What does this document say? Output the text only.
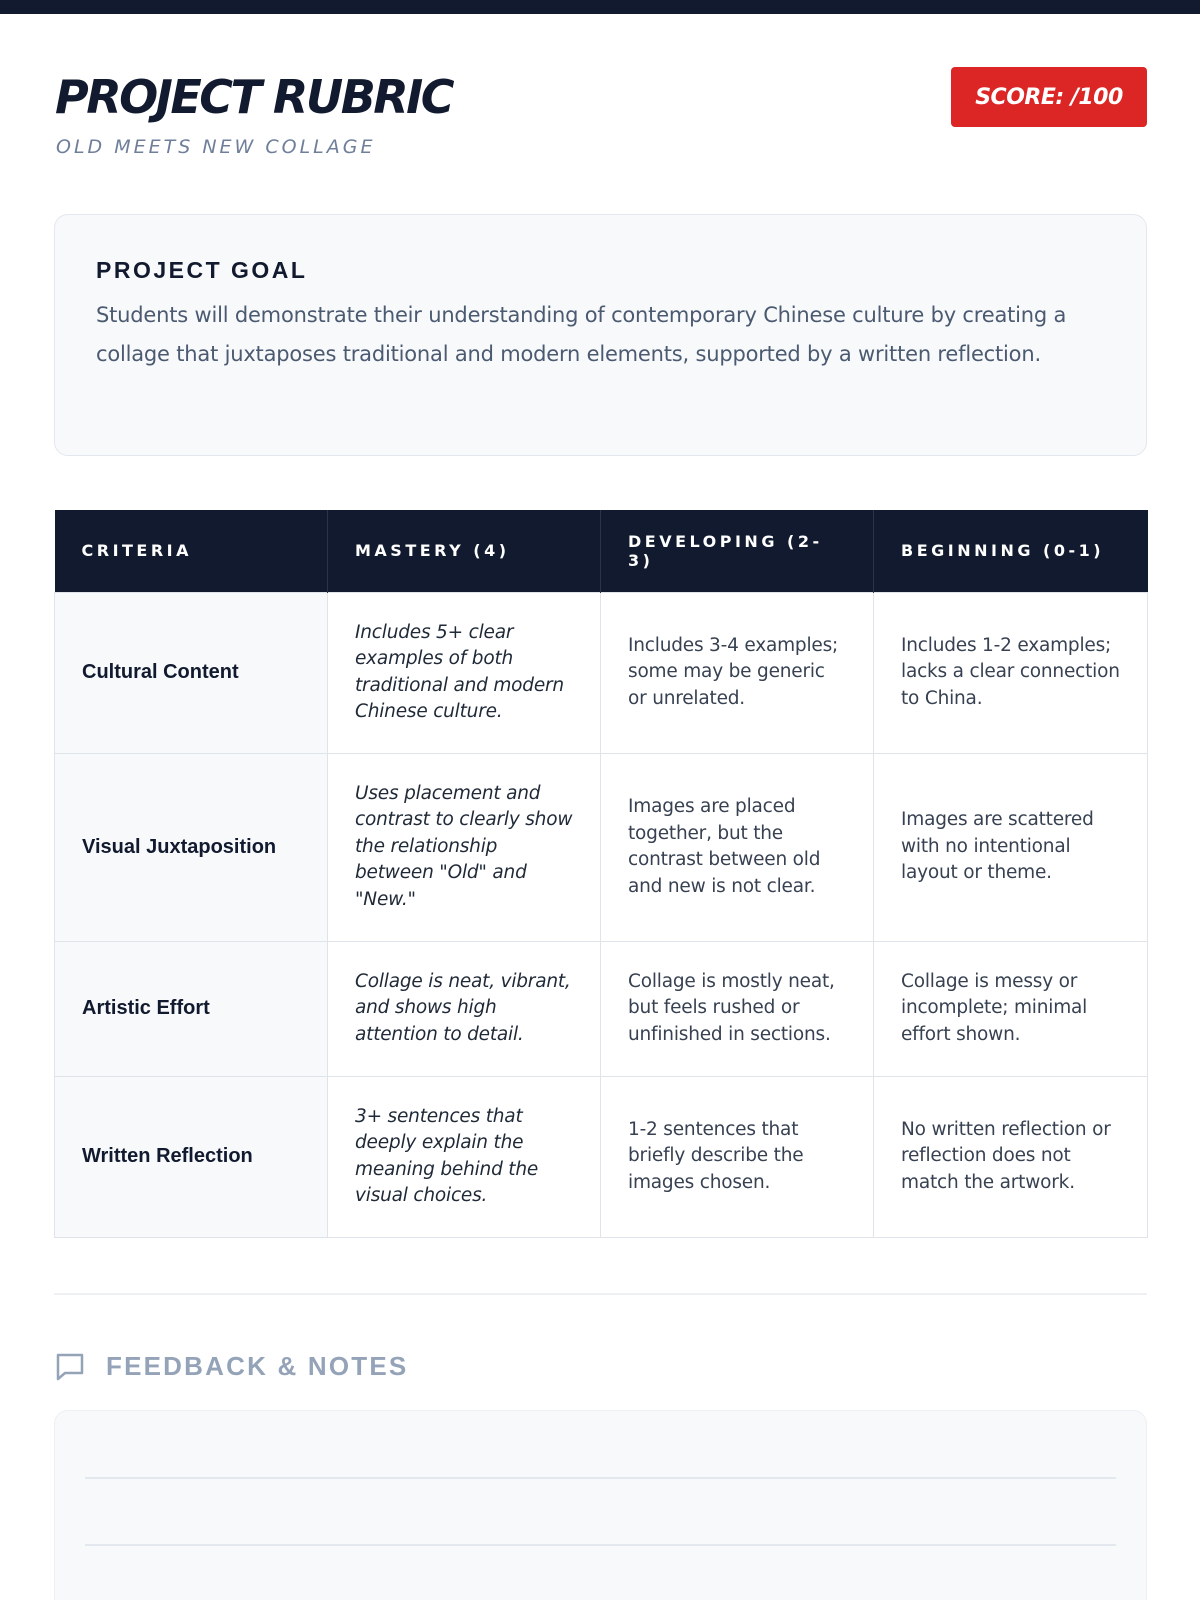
PROJECT RUBRIC
OLD MEETS NEW COLLAGE
SCORE: /100
PROJECT GOAL
Students will demonstrate their understanding of contemporary Chinese culture by creating a collage that juxtaposes traditional and modern elements, supported by a written reflection.
CRITERIA	MASTERY (4)	DEVELOPING (2-3)	BEGINNING (0-1)
Cultural Content	Includes 5+ clear examples of both traditional and modern Chinese culture.	Includes 3-4 examples; some may be generic or unrelated.	Includes 1-2 examples; lacks a clear connection to China.
Visual Juxtaposition	Uses placement and contrast to clearly show the relationship between "Old" and "New."	Images are placed together, but the contrast between old and new is not clear.	Images are scattered with no intentional layout or theme.
Artistic Effort	Collage is neat, vibrant, and shows high attention to detail.	Collage is mostly neat, but feels rushed or unfinished in sections.	Collage is messy or incomplete; minimal effort shown.
Written Reflection	3+ sentences that deeply explain the meaning behind the visual choices.	1-2 sentences that briefly describe the images chosen.	No written reflection or reflection does not match the artwork.
FEEDBACK & NOTES
